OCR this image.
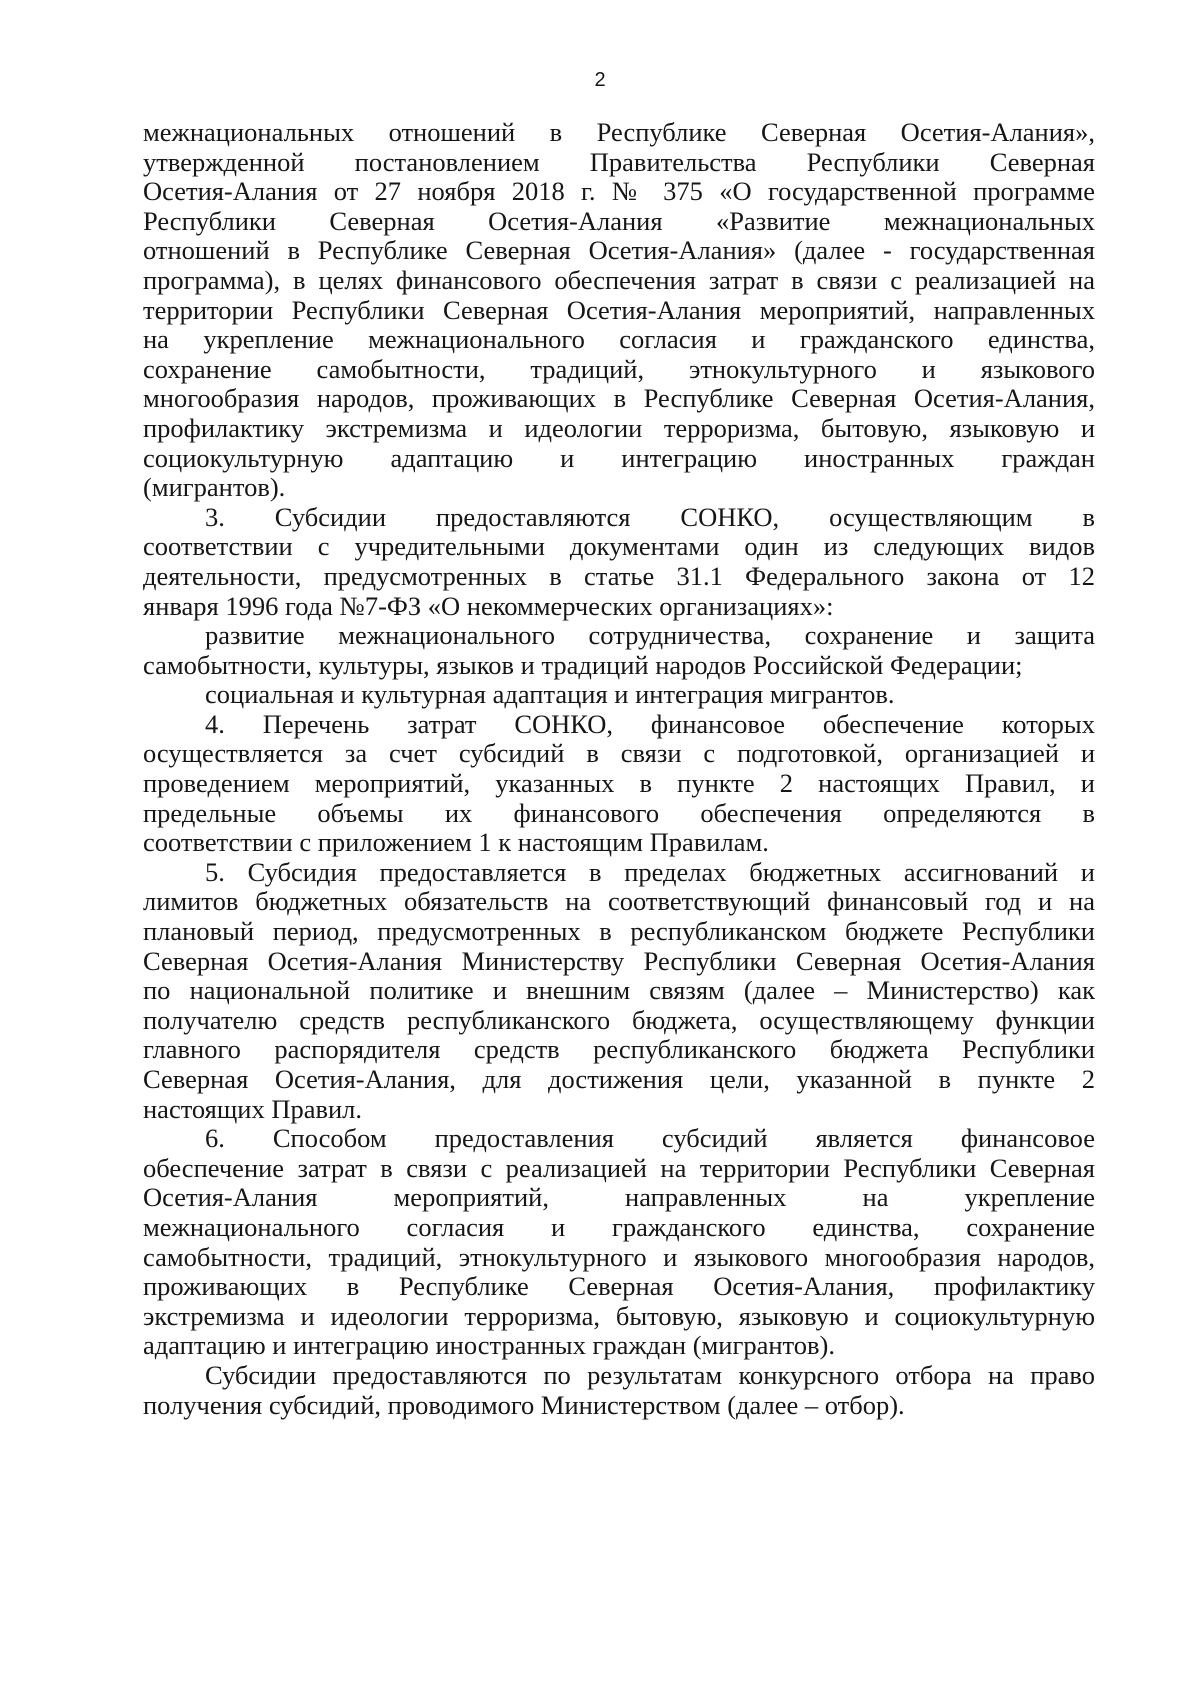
2
межнациональных отношений в Республике Северная Осетия-Алания»,
утвержденной постановлением Правительства Республики Северная
Осетия-Алания от 27 ноября 2018 г. № 375 «О государственной программе
Республики Северная Осетия-Алания «Развитие межнациональных
отношений в Республике Северная Осетия-Алания» (далее - государственная
программа), в целях финансового обеспечения затрат в связи с реализацией на
территории Республики Северная Осетия-Алания мероприятий, направленных
на укрепление межнационального согласия и гражданского единства,
сохранение самобытности, традиций, этнокультурного и языкового
многообразия народов, проживающих в Республике Северная Осетия-Алания,
профилактику экстремизма и идеологии терроризма, бытовую, языковую и
социокультурную адаптацию и интеграцию иностранных граждан
(мигрантов).
3. Субсидии предоставляются СОНКО, осуществляющим в
соответствии с учредительными документами один из следующих видов
деятельности, предусмотренных в статье 31.1 Федерального закона от 12
января 1996 года №7-ФЗ «О некоммерческих организациях»:
развитие межнационального сотрудничества, сохранение и защита
самобытности, культуры, языков и традиций народов Российской Федерации;
социальная и культурная адаптация и интеграция мигрантов.
4. Перечень затрат СОНКО, финансовое обеспечение которых
осуществляется за счет субсидий в связи с подготовкой, организацией и
проведением мероприятий, указанных в пункте 2 настоящих Правил, и
предельные объемы их финансового обеспечения определяются в
соответствии с приложением 1 к настоящим Правилам.
5. Субсидия предоставляется в пределах бюджетных ассигнований и
лимитов бюджетных обязательств на соответствующий финансовый год и на
плановый период, предусмотренных в республиканском бюджете Республики
Северная Осетия-Алания Министерству Республики Северная Осетия-Алания
по национальной политике и внешним связям (далее – Министерство) как
получателю средств республиканского бюджета, осуществляющему функции
главного распорядителя средств республиканского бюджета Республики
Северная Осетия-Алания, для достижения цели, указанной в пункте 2
настоящих Правил.
6. Способом предоставления субсидий является финансовое
обеспечение затрат в связи с реализацией на территории Республики Северная
Осетия-Алания мероприятий, направленных на укрепление
межнационального согласия и гражданского единства, сохранение
самобытности, традиций, этнокультурного и языкового многообразия народов,
проживающих в Республике Северная Осетия-Алания, профилактику
экстремизма и идеологии терроризма, бытовую, языковую и социокультурную
адаптацию и интеграцию иностранных граждан (мигрантов).
Субсидии предоставляются по результатам конкурсного отбора на право
получения субсидий, проводимого Министерством (далее – отбор).
